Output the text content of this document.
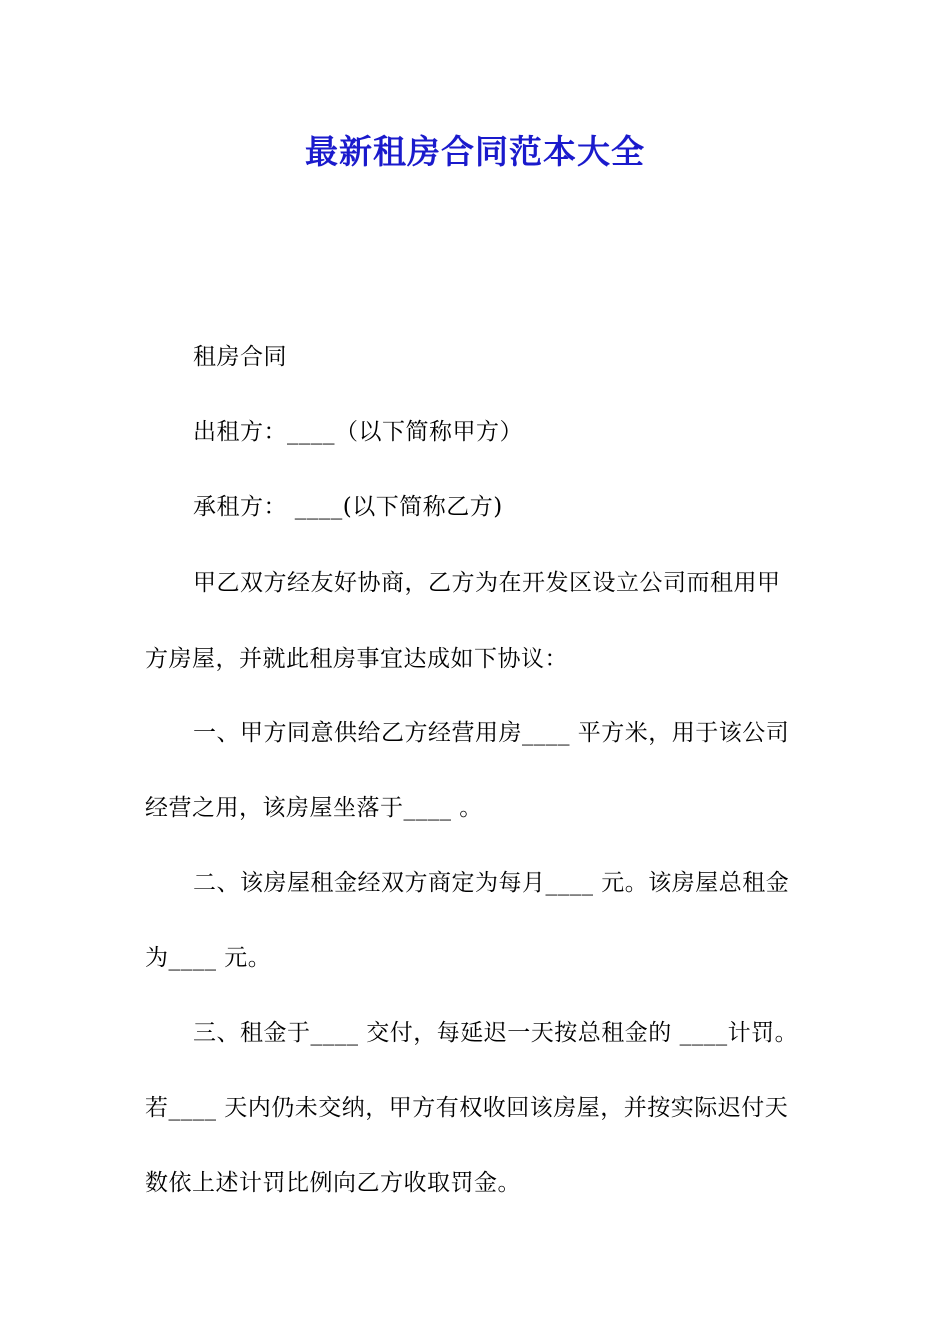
最新租房合同范本大全
租房合同
出租方：____（以下简称甲方）
承租方： ____(以下简称乙方)
甲乙双方经友好协商，乙方为在开发区设立公司而租用甲
方房屋，并就此租房事宜达成如下协议：
一、甲方同意供给乙方经营用房____ 平方米，用于该公司
经营之用，该房屋坐落于____ 。
二、该房屋租金经双方商定为每月____ 元。该房屋总租金
为____ 元。
三、租金于____ 交付，每延迟一天按总租金的 ____计罚。
若____ 天内仍未交纳，甲方有权收回该房屋，并按实际迟付天
数依上述计罚比例向乙方收取罚金。
